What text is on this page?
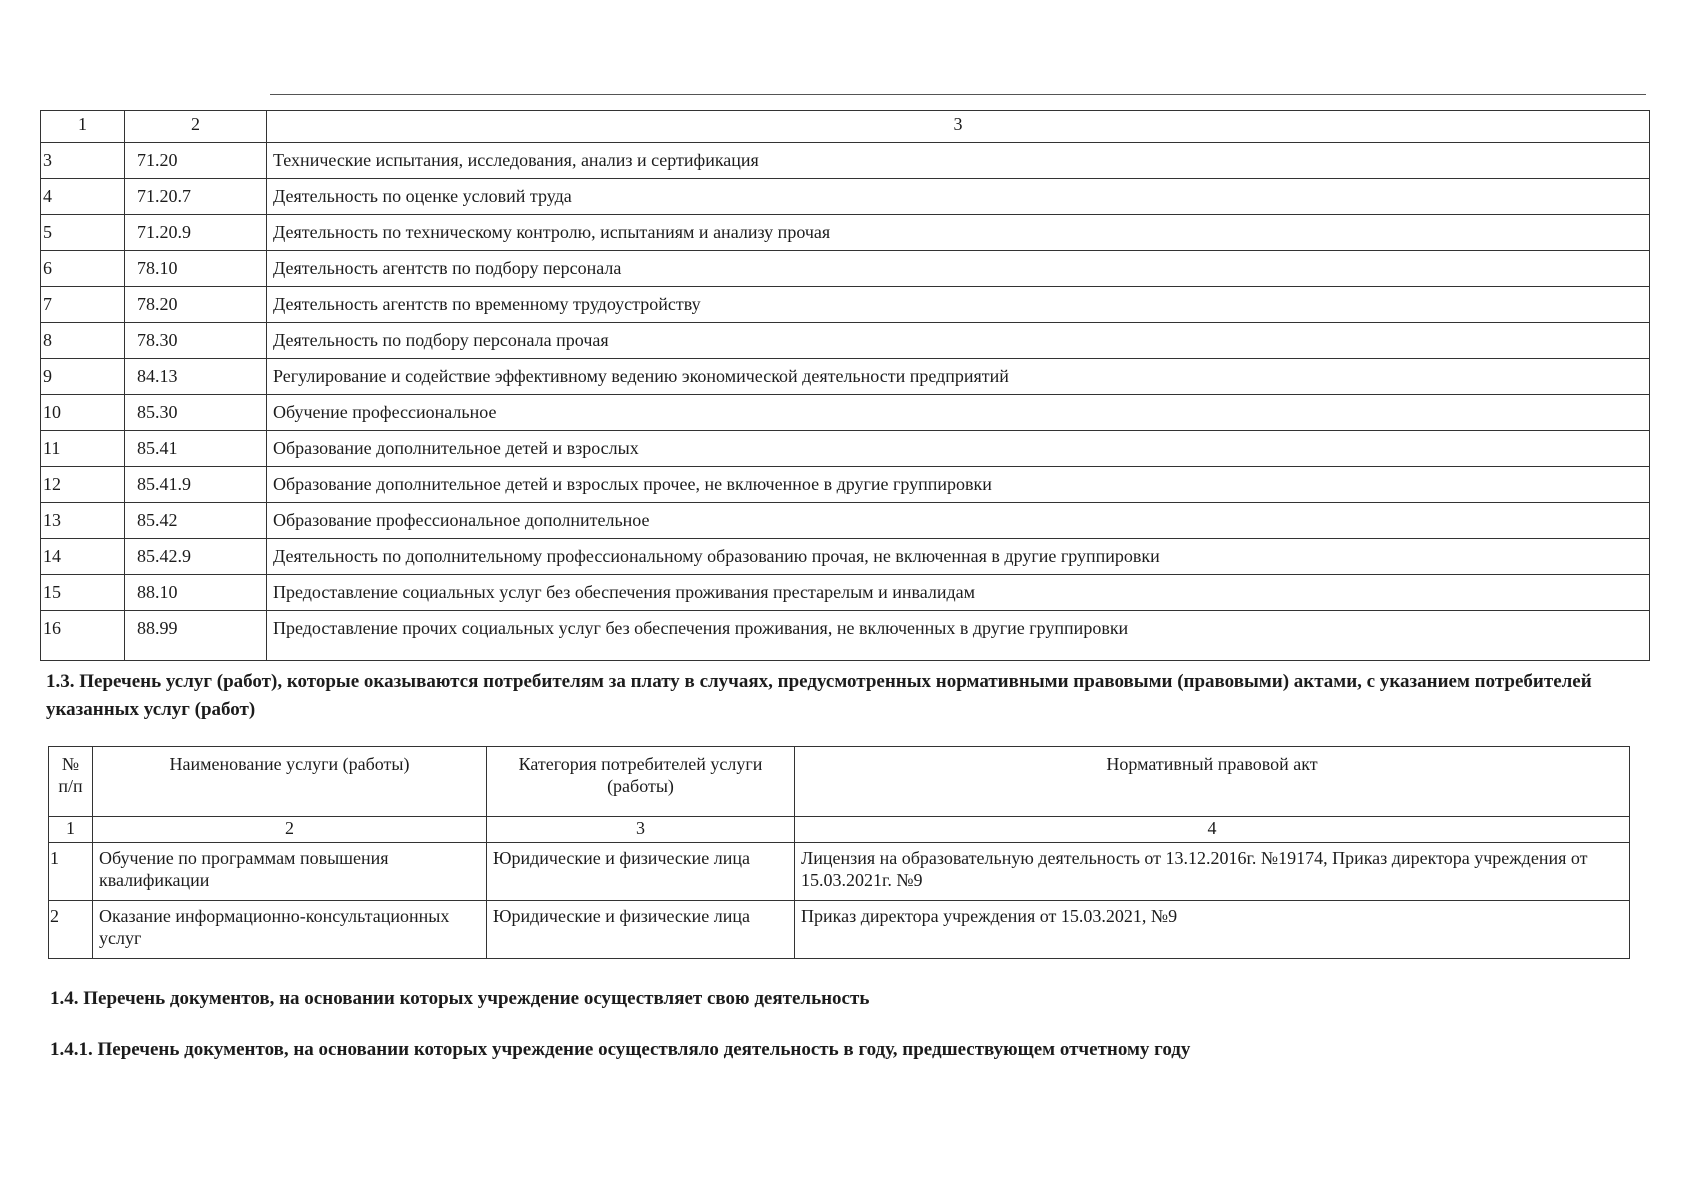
1	2	3
3	71.20	Технические испытания, исследования, анализ и сертификация
4	71.20.7	Деятельность по оценке условий труда
5	71.20.9	Деятельность по техническому контролю, испытаниям и анализу прочая
6	78.10	Деятельность агентств по подбору персонала
7	78.20	Деятельность агентств по временному трудоустройству
8	78.30	Деятельность по подбору персонала прочая
9	84.13	Регулирование и содействие эффективному ведению экономической деятельности предприятий
10	85.30	Обучение профессиональное
11	85.41	Образование дополнительное детей и взрослых
12	85.41.9	Образование дополнительное детей и взрослых прочее, не включенное в другие группировки
13	85.42	Образование профессиональное дополнительное
14	85.42.9	Деятельность по дополнительному профессиональному образованию прочая, не включенная в другие группировки
15	88.10	Предоставление социальных услуг без обеспечения проживания престарелым и инвалидам
16	88.99	Предоставление прочих социальных услуг без обеспечения проживания, не включенных в другие группировки
1.3. Перечень услуг (работ), которые оказываются потребителям за плату в случаях, предусмотренных нормативными правовыми (правовыми) актами, с указанием потребителей указанных услуг (работ)
№ п/п	Наименование услуги (работы)	Категория потребителей услуги (работы)	Нормативный правовой акт
1	2	3	4
1	Обучение по программам повышения квалификации	Юридические и физические лица	Лицензия на образовательную деятельность от 13.12.2016г. №19174, Приказ директора учреждения от 15.03.2021г. №9
2	Оказание информационно-консультационных услуг	Юридические и физические лица	Приказ директора учреждения от 15.03.2021, №9
1.4. Перечень документов, на основании которых учреждение осуществляет свою деятельность
1.4.1. Перечень документов, на основании которых учреждение осуществляло деятельность в году, предшествующем отчетному году
